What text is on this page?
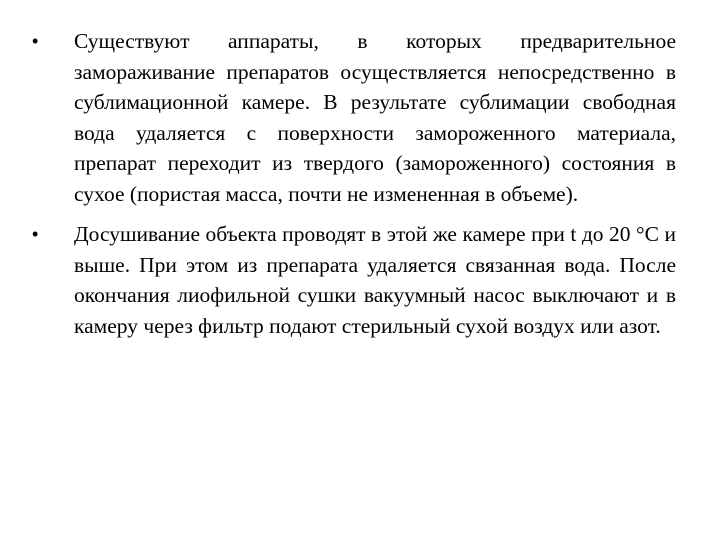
•	Существуют аппараты, в которых предварительное замораживание препаратов осуществляется непосредственно в сублимационной камере. В результате сублимации свободная вода удаляется с поверхности замороженного материала, препарат переходит из твердого (замороженного) состояния в сухое (пористая масса, почти не измененная в объеме).
•	Досушивание объекта проводят в этой же камере при t до 20 °С и выше. При этом из препарата удаляется связанная вода. После окончания лиофильной сушки вакуумный насос выключают и в камеру через фильтр подают стерильный сухой воздух или азот.
